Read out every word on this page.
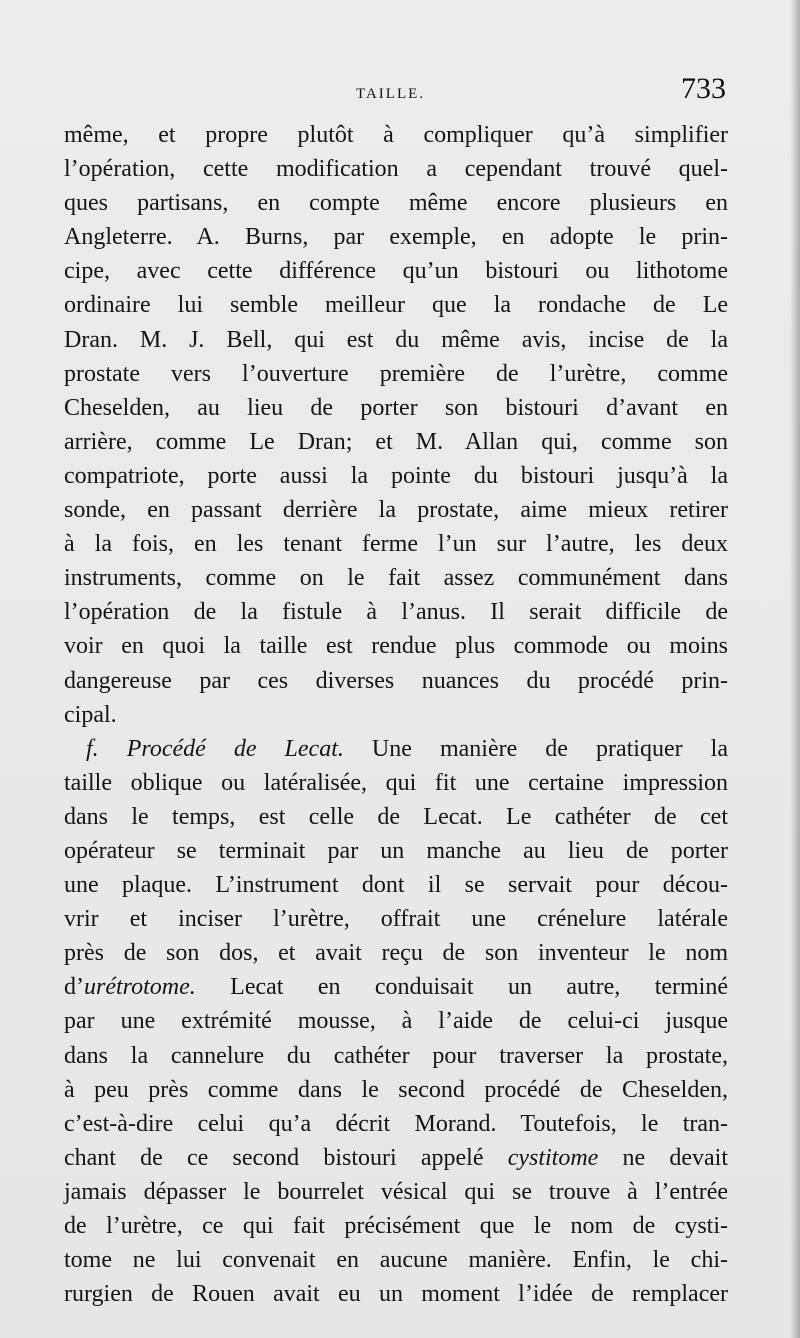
TAILLE.	733
même, et propre plutôt à compliquer qu’à simplifier
l’opération, cette modification a cependant trouvé quel-
ques partisans, en compte même encore plusieurs en
Angleterre. A. Burns, par exemple, en adopte le prin-
cipe, avec cette différence qu’un bistouri ou lithotome
ordinaire lui semble meilleur que la rondache de Le
Dran. M. J. Bell, qui est du même avis, incise de la
prostate vers l’ouverture première de l’urètre, comme
Cheselden, au lieu de porter son bistouri d’avant en
arrière, comme Le Dran; et M. Allan qui, comme son
compatriote, porte aussi la pointe du bistouri jusqu’à la
sonde, en passant derrière la prostate, aime mieux retirer
à la fois, en les tenant ferme l’un sur l’autre, les deux
instruments, comme on le fait assez communément dans
l’opération de la fistule à l’anus. Il serait difficile de
voir en quoi la taille est rendue plus commode ou moins
dangereuse par ces diverses nuances du procédé prin-
cipal.
f. Procédé de Lecat. Une manière de pratiquer la
taille oblique ou latéralisée, qui fit une certaine impression
dans le temps, est celle de Lecat. Le cathéter de cet
opérateur se terminait par un manche au lieu de porter
une plaque. L’instrument dont il se servait pour décou-
vrir et inciser l’urètre, offrait une crénelure latérale
près de son dos, et avait reçu de son inventeur le nom
d’urétrotome. Lecat en conduisait un autre, terminé
par une extrémité mousse, à l’aide de celui-ci jusque
dans la cannelure du cathéter pour traverser la prostate,
à peu près comme dans le second procédé de Cheselden,
c’est-à-dire celui qu’a décrit Morand. Toutefois, le tran-
chant de ce second bistouri appelé cystitome ne devait
jamais dépasser le bourrelet vésical qui se trouve à l’entrée
de l’urètre, ce qui fait précisément que le nom de cysti-
tome ne lui convenait en aucune manière. Enfin, le chi-
rurgien de Rouen avait eu un moment l’idée de remplacer
